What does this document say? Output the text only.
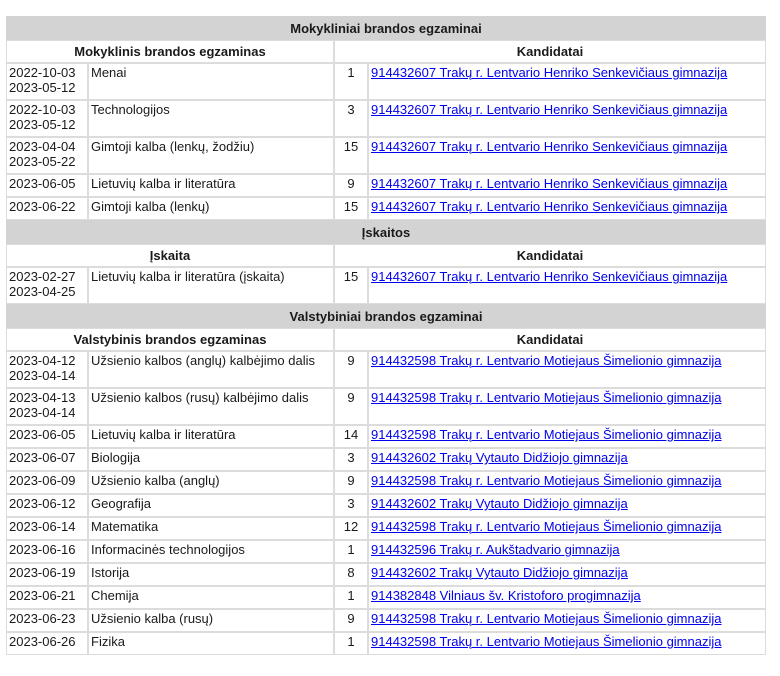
Mokykliniai brandos egzaminai			
Mokyklinis brandos egzaminas		Kandidatai	

2022-10-03
2023-05-12	Menai	1	914432607 Trakų r. Lentvario Henriko Senkevičiaus gimnazija

2022-10-03
2023-05-12	Technologijos	3	914432607 Trakų r. Lentvario Henriko Senkevičiaus gimnazija

2023-04-04
2023-05-22	Gimtoji kalba (lenkų, žodžiu)	15	914432607 Trakų r. Lentvario Henriko Senkevičiaus gimnazija

2023-06-05	Lietuvių kalba ir literatūra	9	914432607 Trakų r. Lentvario Henriko Senkevičiaus gimnazija

2023-06-22	Gimtoji kalba (lenkų)	15	914432607 Trakų r. Lentvario Henriko Senkevičiaus gimnazija
Įskaitos			
Įskaita		Kandidatai	

2023-02-27
2023-04-25	Lietuvių kalba ir literatūra (įskaita)	15	914432607 Trakų r. Lentvario Henriko Senkevičiaus gimnazija
Valstybiniai brandos egzaminai			
Valstybinis brandos egzaminas		Kandidatai	

2023-04-12
2023-04-14	Užsienio kalbos (anglų) kalbėjimo dalis	9	914432598 Trakų r. Lentvario Motiejaus Šimelionio gimnazija

2023-04-13
2023-04-14	Užsienio kalbos (rusų) kalbėjimo dalis	9	914432598 Trakų r. Lentvario Motiejaus Šimelionio gimnazija

2023-06-05	Lietuvių kalba ir literatūra	14	914432598 Trakų r. Lentvario Motiejaus Šimelionio gimnazija

2023-06-07	Biologija	3	914432602 Trakų Vytauto Didžiojo gimnazija

2023-06-09	Užsienio kalba (anglų)	9	914432598 Trakų r. Lentvario Motiejaus Šimelionio gimnazija

2023-06-12	Geografija	3	914432602 Trakų Vytauto Didžiojo gimnazija

2023-06-14	Matematika	12	914432598 Trakų r. Lentvario Motiejaus Šimelionio gimnazija

2023-06-16	Informacinės technologijos	1	914432596 Trakų r. Aukštadvario gimnazija

2023-06-19	Istorija	8	914432602 Trakų Vytauto Didžiojo gimnazija

2023-06-21	Chemija	1	914382848 Vilniaus šv. Kristoforo progimnazija

2023-06-23	Užsienio kalba (rusų)	9	914432598 Trakų r. Lentvario Motiejaus Šimelionio gimnazija

2023-06-26	Fizika	1	914432598 Trakų r. Lentvario Motiejaus Šimelionio gimnazija
